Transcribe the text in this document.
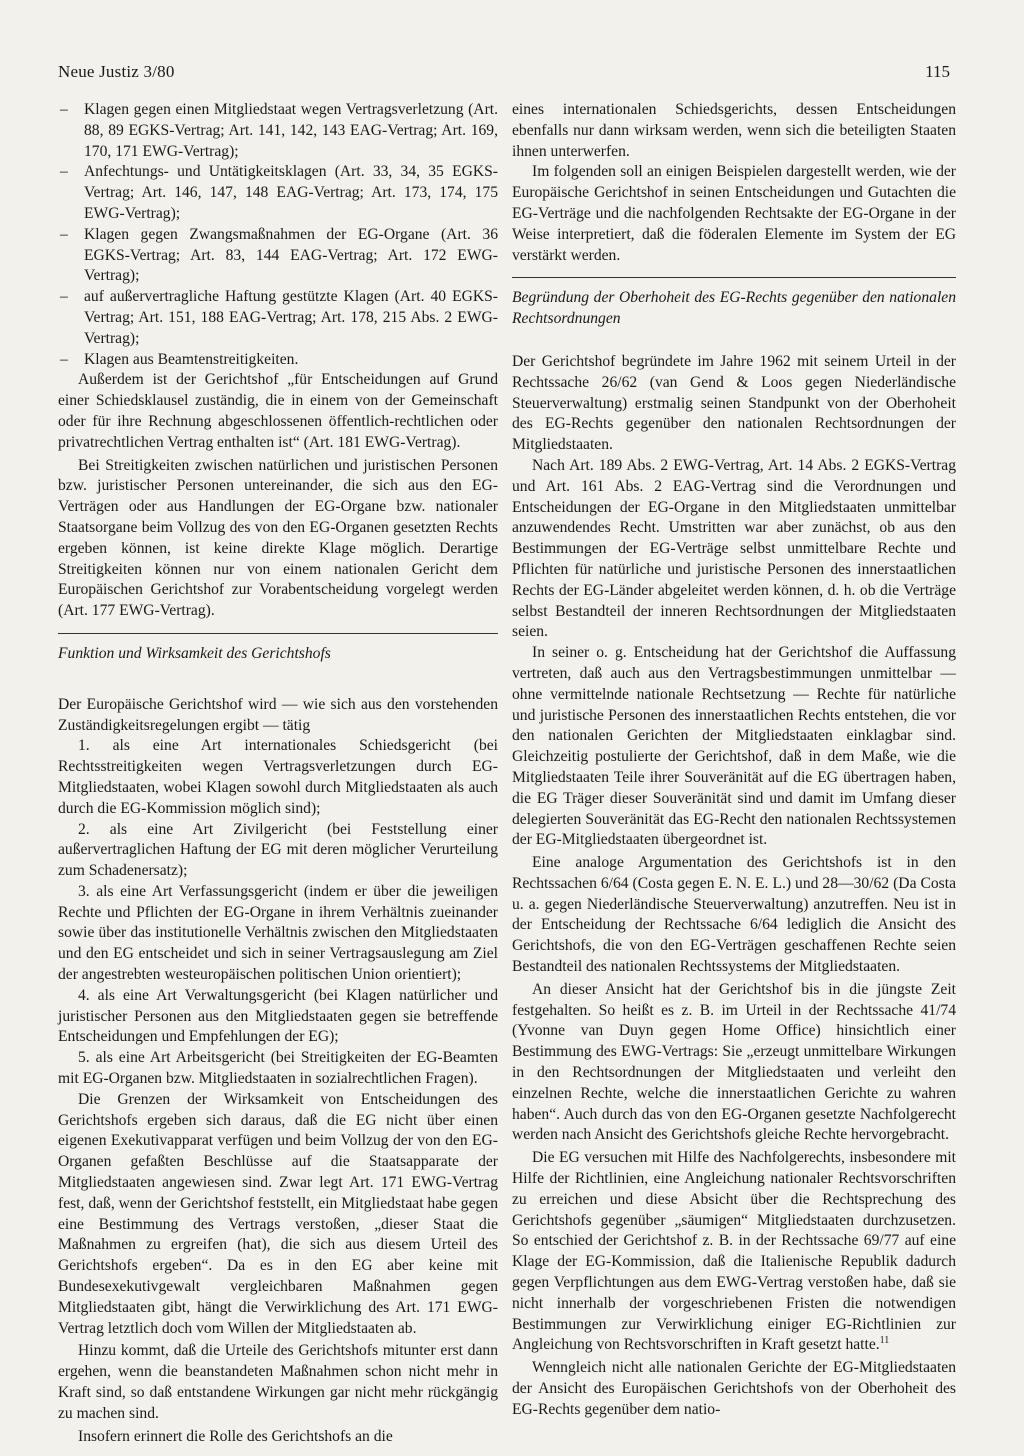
Neue Justiz 3/80	115
– Klagen gegen einen Mitgliedstaat wegen Vertragsverletzung (Art. 88, 89 EGKS-Vertrag; Art. 141, 142, 143 EAG-Vertrag; Art. 169, 170, 171 EWG-Vertrag);
– Anfechtungs- und Untätigkeitsklagen (Art. 33, 34, 35 EGKS-Vertrag; Art. 146, 147, 148 EAG-Vertrag; Art. 173, 174, 175 EWG-Vertrag);
– Klagen gegen Zwangsmaßnahmen der EG-Organe (Art. 36 EGKS-Vertrag; Art. 83, 144 EAG-Vertrag; Art. 172 EWG-Vertrag);
– auf außervertragliche Haftung gestützte Klagen (Art. 40 EGKS-Vertrag; Art. 151, 188 EAG-Vertrag; Art. 178, 215 Abs. 2 EWG-Vertrag);
– Klagen aus Beamtenstreitigkeiten.

Außerdem ist der Gerichtshof „für Entscheidungen auf Grund einer Schiedsklausel zuständig, die in einem von der Gemeinschaft oder für ihre Rechnung abgeschlossenen öffentlich-rechtlichen oder privatrechtlichen Vertrag enthalten ist“ (Art. 181 EWG-Vertrag).

Bei Streitigkeiten zwischen natürlichen und juristischen Personen bzw. juristischer Personen untereinander, die sich aus den EG-Verträgen oder aus Handlungen der EG-Organe bzw. nationaler Staatsorgane beim Vollzug des von den EG-Organen gesetzten Rechts ergeben können, ist keine direkte Klage möglich. Derartige Streitigkeiten können nur von einem nationalen Gericht dem Europäischen Gerichtshof zur Vorabentscheidung vorgelegt werden (Art. 177 EWG-Vertrag).

Funktion und Wirksamkeit des Gerichtshofs

Der Europäische Gerichtshof wird — wie sich aus den vorstehenden Zuständigkeitsregelungen ergibt — tätig

1. als eine Art internationales Schiedsgericht (bei Rechtsstreitigkeiten wegen Vertragsverletzungen durch EG-Mitgliedstaaten, wobei Klagen sowohl durch Mitgliedstaaten als auch durch die EG-Kommission möglich sind);
2. als eine Art Zivilgericht (bei Feststellung einer außervertraglichen Haftung der EG mit deren möglicher Verurteilung zum Schadenersatz);
3. als eine Art Verfassungsgericht (indem er über die jeweiligen Rechte und Pflichten der EG-Organe in ihrem Verhältnis zueinander sowie über das institutionelle Verhältnis zwischen den Mitgliedstaaten und den EG entscheidet und sich in seiner Vertragsauslegung am Ziel der angestrebten westeuropäischen politischen Union orientiert);
4. als eine Art Verwaltungsgericht (bei Klagen natürlicher und juristischer Personen aus den Mitgliedstaaten gegen sie betreffende Entscheidungen und Empfehlungen der EG);
5. als eine Art Arbeitsgericht (bei Streitigkeiten der EG-Beamten mit EG-Organen bzw. Mitgliedstaaten in sozialrechtlichen Fragen).

Die Grenzen der Wirksamkeit von Entscheidungen des Gerichtshofs ergeben sich daraus, daß die EG nicht über einen eigenen Exekutivapparat verfügen und beim Vollzug der von den EG-Organen gefaßten Beschlüsse auf die Staatsapparate der Mitgliedstaaten angewiesen sind. Zwar legt Art. 171 EWG-Vertrag fest, daß, wenn der Gerichtshof feststellt, ein Mitgliedstaat habe gegen eine Bestimmung des Vertrags verstoßen, „dieser Staat die Maßnahmen zu ergreifen (hat), die sich aus diesem Urteil des Gerichtshofs ergeben“. Da es in den EG aber keine mit Bundesexekutivgewalt vergleichbaren Maßnahmen gegen Mitgliedstaaten gibt, hängt die Verwirklichung des Art. 171 EWG-Vertrag letztlich doch vom Willen der Mitgliedstaaten ab.

Hinzu kommt, daß die Urteile des Gerichtshofs mitunter erst dann ergehen, wenn die beanstandeten Maßnahmen schon nicht mehr in Kraft sind, so daß entstandene Wirkungen gar nicht mehr rückgängig zu machen sind.

Insofern erinnert die Rolle des Gerichtshofs an die

eines internationalen Schiedsgerichts, dessen Entscheidungen ebenfalls nur dann wirksam werden, wenn sich die beteiligten Staaten ihnen unterwerfen.

Im folgenden soll an einigen Beispielen dargestellt werden, wie der Europäische Gerichtshof in seinen Entscheidungen und Gutachten die EG-Verträge und die nachfolgenden Rechtsakte der EG-Organe in der Weise interpretiert, daß die föderalen Elemente im System der EG verstärkt werden.

Begründung der Oberhoheit des EG-Rechts gegenüber den nationalen Rechtsordnungen

Der Gerichtshof begründete im Jahre 1962 mit seinem Urteil in der Rechtssache 26/62 (van Gend & Loos gegen Niederländische Steuerverwaltung) erstmalig seinen Standpunkt von der Oberhoheit des EG-Rechts gegenüber den nationalen Rechtsordnungen der Mitgliedstaaten.

Nach Art. 189 Abs. 2 EWG-Vertrag, Art. 14 Abs. 2 EGKS-Vertrag und Art. 161 Abs. 2 EAG-Vertrag sind die Verordnungen und Entscheidungen der EG-Organe in den Mitgliedstaaten unmittelbar anzuwendendes Recht. Umstritten war aber zunächst, ob aus den Bestimmungen der EG-Verträge selbst unmittelbare Rechte und Pflichten für natürliche und juristische Personen des innerstaatlichen Rechts der EG-Länder abgeleitet werden können, d. h. ob die Verträge selbst Bestandteil der inneren Rechtsordnungen der Mitgliedstaaten seien.

In seiner o. g. Entscheidung hat der Gerichtshof die Auffassung vertreten, daß auch aus den Vertragsbestimmungen unmittelbar — ohne vermittelnde nationale Rechtsetzung — Rechte für natürliche und juristische Personen des innerstaatlichen Rechts entstehen, die vor den nationalen Gerichten der Mitgliedstaaten einklagbar sind. Gleichzeitig postulierte der Gerichtshof, daß in dem Maße, wie die Mitgliedstaaten Teile ihrer Souveränität auf die EG übertragen haben, die EG Träger dieser Souveränität sind und damit im Umfang dieser delegierten Souveränität das EG-Recht den nationalen Rechtssystemen der EG-Mitgliedstaaten übergeordnet ist.

Eine analoge Argumentation des Gerichtshofs ist in den Rechtssachen 6/64 (Costa gegen E. N. E. L.) und 28—30/62 (Da Costa u. a. gegen Niederländische Steuerverwaltung) anzutreffen. Neu ist in der Entscheidung der Rechtssache 6/64 lediglich die Ansicht des Gerichtshofs, die von den EG-Verträgen geschaffenen Rechte seien Bestandteil des nationalen Rechtssystems der Mitgliedstaaten.

An dieser Ansicht hat der Gerichtshof bis in die jüngste Zeit festgehalten. So heißt es z. B. im Urteil in der Rechtssache 41/74 (Yvonne van Duyn gegen Home Office) hinsichtlich einer Bestimmung des EWG-Vertrags: Sie „erzeugt unmittelbare Wirkungen in den Rechtsordnungen der Mitgliedstaaten und verleiht den einzelnen Rechte, welche die innerstaatlichen Gerichte zu wahren haben“. Auch durch das von den EG-Organen gesetzte Nachfolgerecht werden nach Ansicht des Gerichtshofs gleiche Rechte hervorgebracht.

Die EG versuchen mit Hilfe des Nachfolgerechts, insbesondere mit Hilfe der Richtlinien, eine Angleichung nationaler Rechtsvorschriften zu erreichen und diese Absicht über die Rechtsprechung des Gerichtshofs gegenüber „säumigen“ Mitgliedstaaten durchzusetzen. So entschied der Gerichtshof z. B. in der Rechtssache 69/77 auf eine Klage der EG-Kommission, daß die Italienische Republik dadurch gegen Verpflichtungen aus dem EWG-Vertrag verstoßen habe, daß sie nicht innerhalb der vorgeschriebenen Fristen die notwendigen Bestimmungen zur Verwirklichung einiger EG-Richtlinien zur Angleichung von Rechtsvorschriften in Kraft gesetzt hatte.$^{11}$

Wenngleich nicht alle nationalen Gerichte der EG-Mitgliedstaaten der Ansicht des Europäischen Gerichtshofs von der Oberhoheit des EG-Rechts gegenüber dem natio-
